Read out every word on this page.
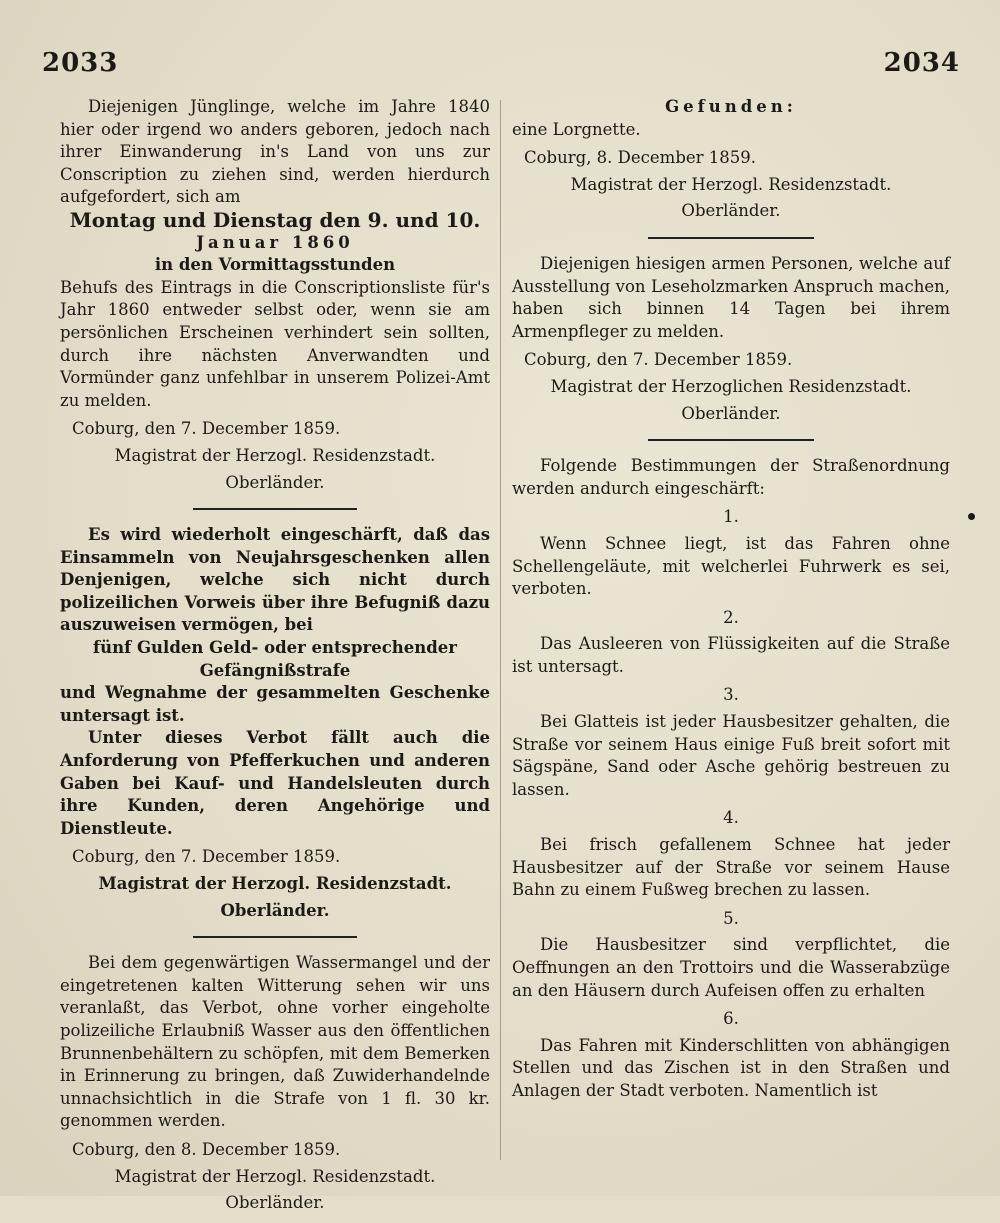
2033	2034

Diejenigen Jünglinge, welche im Jahre 1840 hier oder irgend wo anders geboren, jedoch nach ihrer Einwanderung in's Land von uns zur Conscription zu ziehen sind, werden hierdurch aufgefordert, sich am

Montag und Dienstag den 9. und 10.

Januar 1860

in den Vormittagsstunden

Behufs des Eintrags in die Conscriptionsliste für's Jahr 1860 entweder selbst oder, wenn sie am persönlichen Erscheinen verhindert sein sollten, durch ihre nächsten Anverwandten und Vormünder ganz unfehlbar in unserem Polizei-Amt zu melden.

Coburg, den 7. December 1859.

Magistrat der Herzogl. Residenzstadt.

Oberländer.

Es wird wiederholt eingeschärft, daß das Einsammeln von Neujahrsgeschenken allen Denjenigen, welche sich nicht durch polizeilichen Vorweis über ihre Befugniß dazu auszuweisen vermögen, bei

fünf Gulden Geld- oder entsprechender

Gefängnißstrafe

und Wegnahme der gesammelten Geschenke untersagt ist.

Unter dieses Verbot fällt auch die Anforderung von Pfefferkuchen und anderen Gaben bei Kauf- und Handelsleuten durch ihre Kunden, deren Angehörige und Dienstleute.

Coburg, den 7. December 1859.

Magistrat der Herzogl. Residenzstadt.

Oberländer.

Bei dem gegenwärtigen Wassermangel und der eingetretenen kalten Witterung sehen wir uns veranlaßt, das Verbot, ohne vorher eingeholte polizeiliche Erlaubniß Wasser aus den öffentlichen Brunnenbehältern zu schöpfen, mit dem Bemerken in Erinnerung zu bringen, daß Zuwiderhandelnde unnachsichtlich in die Strafe von 1 fl. 30 kr. genommen werden.

Coburg, den 8. December 1859.

Magistrat der Herzogl. Residenzstadt.

Oberländer.

Gefunden:

eine Lorgnette.

Coburg, 8. December 1859.

Magistrat der Herzogl. Residenzstadt.

Oberländer.

Diejenigen hiesigen armen Personen, welche auf Ausstellung von Leseholzmarken Anspruch machen, haben sich binnen 14 Tagen bei ihrem Armenpfleger zu melden.

Coburg, den 7. December 1859.

Magistrat der Herzoglichen Residenzstadt.

Oberländer.

Folgende Bestimmungen der Straßenordnung werden andurch eingeschärft:

1.

Wenn Schnee liegt, ist das Fahren ohne Schellengeläute, mit welcherlei Fuhrwerk es sei, verboten.

2.

Das Ausleeren von Flüssigkeiten auf die Straße ist untersagt.

3.

Bei Glatteis ist jeder Hausbesitzer gehalten, die Straße vor seinem Haus einige Fuß breit sofort mit Sägspäne, Sand oder Asche gehörig bestreuen zu lassen.

4.

Bei frisch gefallenem Schnee hat jeder Hausbesitzer auf der Straße vor seinem Hause Bahn zu einem Fußweg brechen zu lassen.

5.

Die Hausbesitzer sind verpflichtet, die Oeffnungen an den Trottoirs und die Wasserabzüge an den Häusern durch Aufeisen offen zu erhalten

6.

Das Fahren mit Kinderschlitten von abhängigen Stellen und das Zischen ist in den Straßen und Anlagen der Stadt verboten. Namentlich ist
